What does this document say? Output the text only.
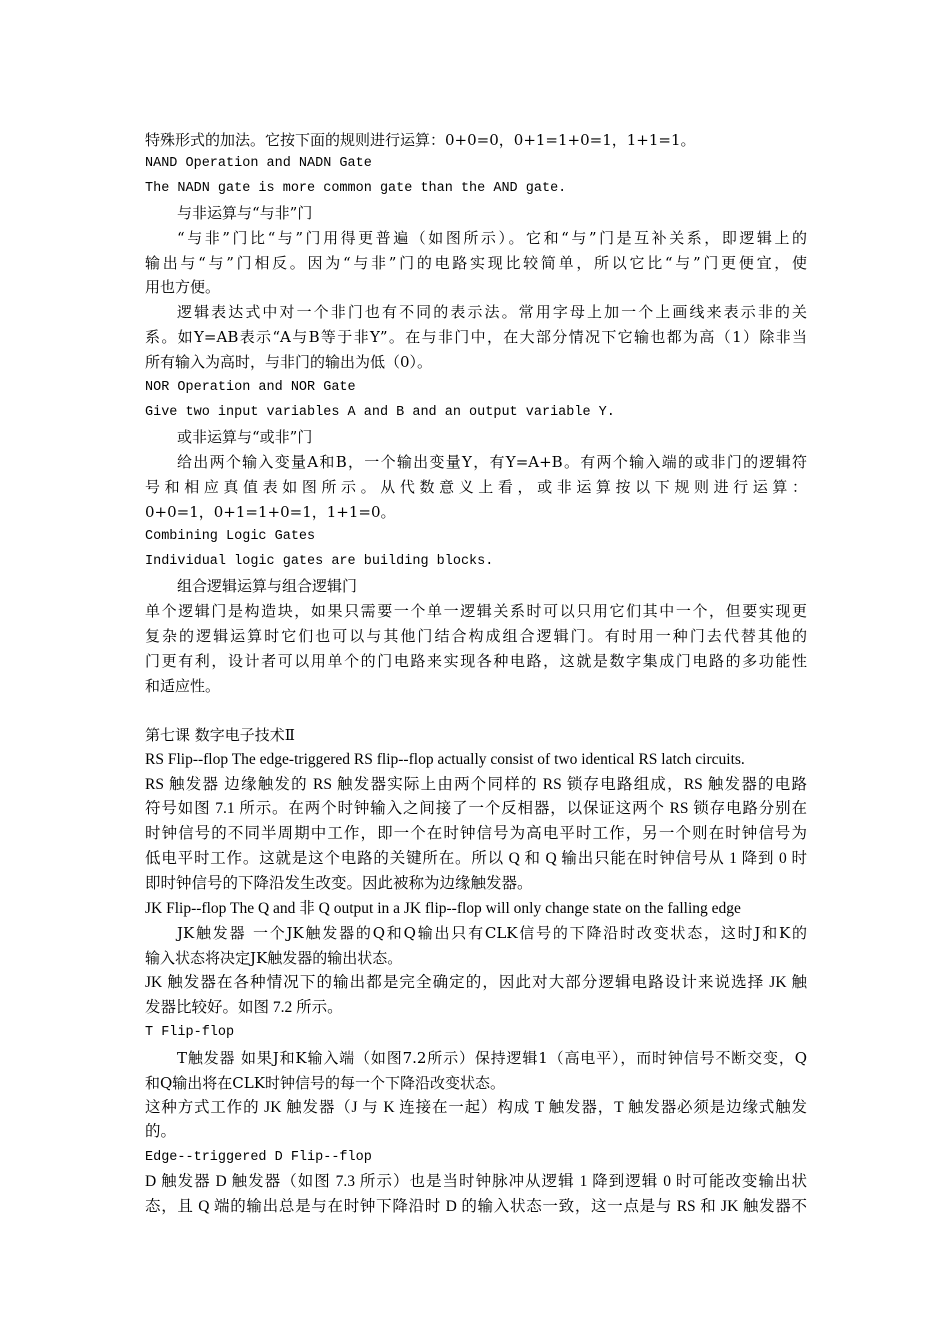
特殊形式的加法。它按下面的规则进行运算：0+0=0，0+1=1+0=1，1+1=1。
NAND Operation and NADN Gate
The NADN gate is more common gate than the AND gate.
与非运算与“与非”门
“与非”门比“与”门用得更普遍（如图所示）。它和“与”门是互补关系，即逻辑上的
输出与“与”门相反。因为“与非”门的电路实现比较简单，所以它比“与”门更便宜，使
用也方便。
逻辑表达式中对一个非门也有不同的表示法。常用字母上加一个上画线来表示非的关
系。如Y=AB表示“A与B等于非Y”。在与非门中，在大部分情况下它输也都为高（1）除非当
所有输入为高时，与非门的输出为低（0）。
NOR Operation and NOR Gate
Give two input variables A and B and an output variable Y.
或非运算与“或非”门
给出两个输入变量A和B，一个输出变量Y，有Y=A+B。有两个输入端的或非门的逻辑符
号和相应真值表如图所示。从代数意义上看，或非运算按以下规则进行运算：
0+0=1，0+1=1+0=1，1+1=0。
Combining Logic Gates
Individual logic gates are building blocks.
组合逻辑运算与组合逻辑门
单个逻辑门是构造块，如果只需要一个单一逻辑关系时可以只用它们其中一个，但要实现更
复杂的逻辑运算时它们也可以与其他门结合构成组合逻辑门。有时用一种门去代替其他的
门更有利，设计者可以用单个的门电路来实现各种电路，这就是数字集成门电路的多功能性
和适应性。
第七课 数字电子技术Ⅱ
RS Flip--flop The edge-triggered RS flip--flop actually consist of two identical RS latch circuits.
RS 触发器 边缘触发的 RS 触发器实际上由两个同样的 RS 锁存电路组成，RS 触发器的电路
符号如图 7.1 所示。在两个时钟输入之间接了一个反相器，以保证这两个 RS 锁存电路分别在
时钟信号的不同半周期中工作，即一个在时钟信号为高电平时工作，另一个则在时钟信号为
低电平时工作。这就是这个电路的关键所在。所以 Q 和 Q 输出只能在时钟信号从 1 降到 0 时
即时钟信号的下降沿发生改变。因此被称为边缘触发器。
JK Flip--flop The Q and 非 Q output in a JK flip--flop will only change state on the falling edge
JK触发器 一个JK触发器的Q和Q输出只有CLK信号的下降沿时改变状态，这时J和K的
输入状态将决定JK触发器的输出状态。
JK 触发器在各种情况下的输出都是完全确定的，因此对大部分逻辑电路设计来说选择 JK 触
发器比较好。如图 7.2 所示。
T Flip-flop
T触发器 如果J和K输入端（如图7.2所示）保持逻辑1（高电平），而时钟信号不断交变，Q
和Q输出将在CLK时钟信号的每一个下降沿改变状态。
这种方式工作的 JK 触发器（J 与 K 连接在一起）构成 T 触发器，T 触发器必须是边缘式触发
的。
Edge--triggered D Flip--flop
D 触发器 D 触发器（如图 7.3 所示）也是当时钟脉冲从逻辑 1 降到逻辑 0 时可能改变输出状
态，且 Q 端的输出总是与在时钟下降沿时 D 的输入状态一致，这一点是与 RS 和 JK 触发器不
